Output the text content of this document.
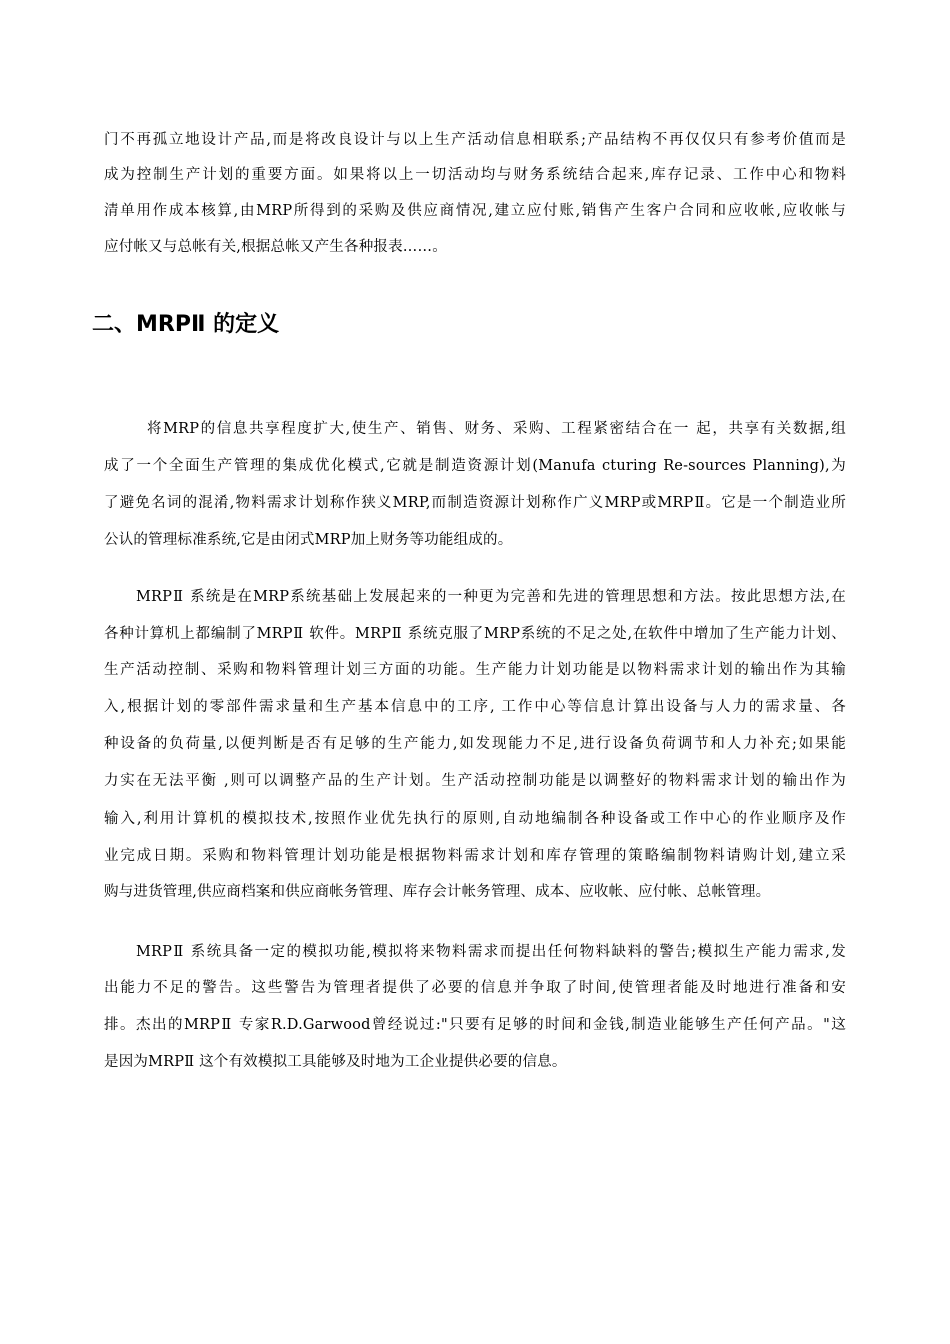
门不再孤立地设计产品,而是将改良设计与以上生产活动信息相联系;产品结构不再仅仅只有参考价值而是
成为控制生产计划的重要方面。如果将以上一切活动均与财务系统结合起来,库存记录、工作中心和物料
清单用作成本核算,由MRP所得到的采购及供应商情况,建立应付账,销售产生客户合同和应收帐,应收帐与
应付帐又与总帐有关,根据总帐又产生各种报表……。
二、MRPⅡ 的定义
将MRP的信息共享程度扩大,使生产、销售、财务、采购、工程紧密结合在一 起，共享有关数据,组
成了一个全面生产管理的集成优化模式,它就是制造资源计划(Manufa cturing Re-sources Planning),为
了避免名词的混淆,物料需求计划称作狭义MRP,而制造资源计划称作广义MRP或MRPⅡ。它是一个制造业所
公认的管理标准系统,它是由闭式MRP加上财务等功能组成的。
MRPⅡ 系统是在MRP系统基础上发展起来的一种更为完善和先进的管理思想和方法。按此思想方法,在
各种计算机上都编制了MRPⅡ 软件。MRPⅡ 系统克服了MRP系统的不足之处,在软件中增加了生产能力计划、
生产活动控制、采购和物料管理计划三方面的功能。生产能力计划功能是以物料需求计划的输出作为其输
入,根据计划的零部件需求量和生产基本信息中的工序, 工作中心等信息计算出设备与人力的需求量、各
种设备的负荷量,以便判断是否有足够的生产能力,如发现能力不足,进行设备负荷调节和人力补充;如果能
力实在无法平衡 ,则可以调整产品的生产计划。生产活动控制功能是以调整好的物料需求计划的输出作为
输入,利用计算机的模拟技术,按照作业优先执行的原则,自动地编制各种设备或工作中心的作业顺序及作
业完成日期。采购和物料管理计划功能是根据物料需求计划和库存管理的策略编制物料请购计划,建立采
购与进货管理,供应商档案和供应商帐务管理、库存会计帐务管理、成本、应收帐、应付帐、总帐管理。
MRPⅡ 系统具备一定的模拟功能,模拟将来物料需求而提出任何物料缺料的警告;模拟生产能力需求,发
出能力不足的警告。这些警告为管理者提供了必要的信息并争取了时间,使管理者能及时地进行准备和安
排。杰出的MRPⅡ 专家R.D.Garwood曾经说过:"只要有足够的时间和金钱,制造业能够生产任何产品。"这
是因为MRPⅡ 这个有效模拟工具能够及时地为工企业提供必要的信息。
